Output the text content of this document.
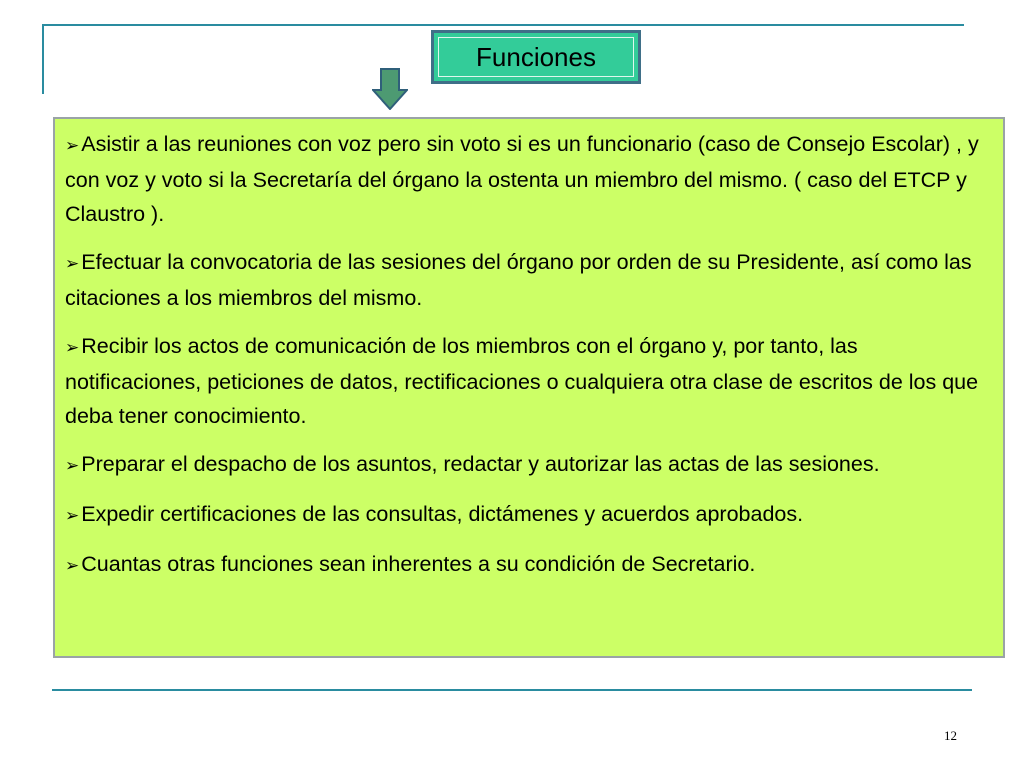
Funciones

➢Asistir a las reuniones con voz pero sin voto si es un funcionario (caso de Consejo Escolar) , y con voz y voto si la Secretaría del órgano la ostenta un miembro del mismo. ( caso del ETCP y Claustro ).

➢Efectuar la convocatoria de las sesiones del órgano por orden de su Presidente, así como las citaciones a los miembros del mismo.

➢Recibir los actos de comunicación de los miembros con el órgano y, por tanto, las notificaciones, peticiones de datos, rectificaciones o cualquiera otra clase de escritos de los que deba tener conocimiento.

➢Preparar el despacho de los asuntos, redactar y autorizar las actas de las sesiones.

➢Expedir certificaciones de las consultas, dictámenes y acuerdos aprobados.

➢Cuantas otras funciones sean inherentes a su condición de Secretario.

12
